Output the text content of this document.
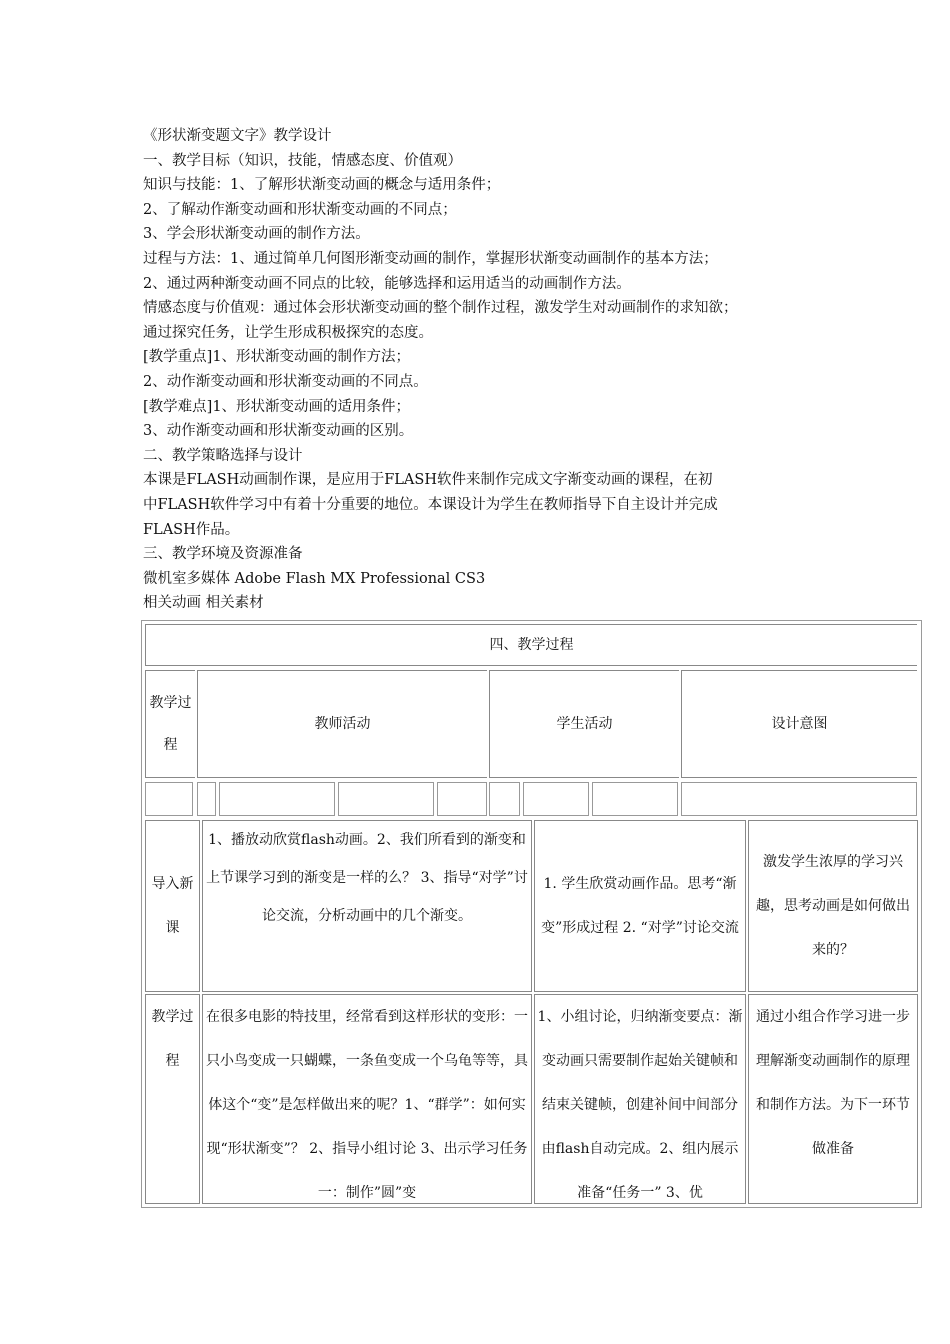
《形状渐变题文字》教学设计
一、教学目标（知识，技能，情感态度、价值观）
知识与技能：1、了解形状渐变动画的概念与适用条件；
2、了解动作渐变动画和形状渐变动画的不同点；
3、学会形状渐变动画的制作方法。
过程与方法：1、通过简单几何图形渐变动画的制作，掌握形状渐变动画制作的基本方法；
2、通过两种渐变动画不同点的比较，能够选择和运用适当的动画制作方法。
情感态度与价值观：通过体会形状渐变动画的整个制作过程，激发学生对动画制作的求知欲；
通过探究任务，让学生形成积极探究的态度。
[教学重点]1、形状渐变动画的制作方法；
2、动作渐变动画和形状渐变动画的不同点。
[教学难点]1、形状渐变动画的适用条件；
3、动作渐变动画和形状渐变动画的区别。
二、教学策略选择与设计
本课是FLASH动画制作课，是应用于FLASH软件来制作完成文字渐变动画的课程，在初
中FLASH软件学习中有着十分重要的地位。本课设计为学生在教师指导下自主设计并完成
FLASH作品。
三、教学环境及资源准备
微机室多媒体 Adobe Flash MX Professional CS3
相关动画 相关素材
四、教学过程
教学过程
教师活动	学生活动	设计意图
导入新课
1、播放动欣赏flash动画。2、我们所看到的渐变和上节课学习到的渐变是一样的么？ 3、指导“对学”讨论交流，分析动画中的几个渐变。
1. 学生欣赏动画作品。思考“渐变”形成过程 2. “对学”讨论交流
激发学生浓厚的学习兴趣，思考动画是如何做出来的？
教学过程
在很多电影的特技里，经常看到这样形状的变形：一只小鸟变成一只蝴蝶，一条鱼变成一个乌龟等等，具体这个“变”是怎样做出来的呢？1、“群学”：如何实现“形状渐变”？ 2、指导小组讨论 3、出示学习任务一：制作”圆”变
1、小组讨论，归纳渐变要点：渐变动画只需要制作起始关键帧和结束关键帧，创建补间中间部分由flash自动完成。2、组内展示准备“任务一” 3、优
通过小组合作学习进一步理解渐变动画制作的原理和制作方法。为下一环节做准备
